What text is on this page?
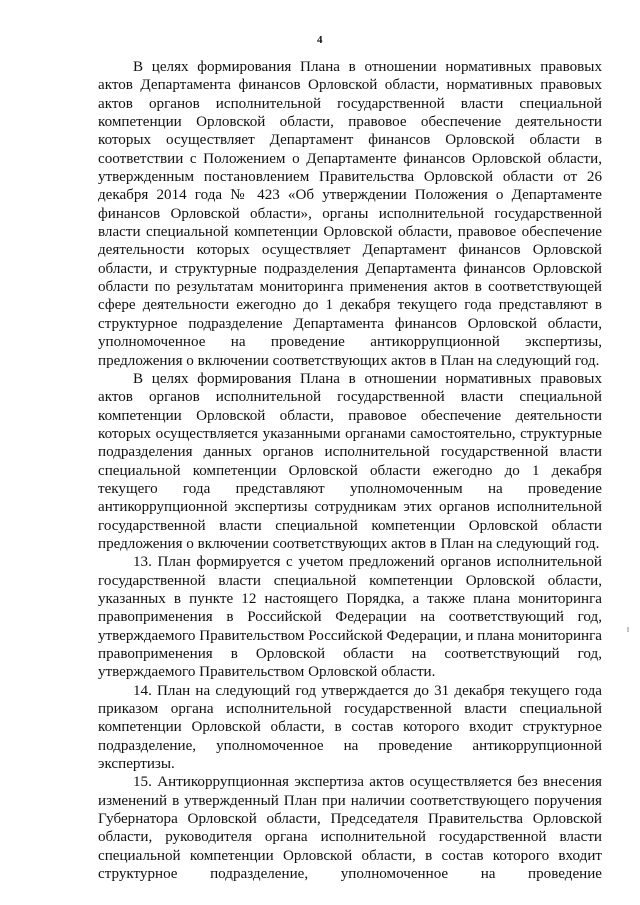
4

В целях формирования Плана в отношении нормативных правовых актов Департамента финансов Орловской области, нормативных правовых актов органов исполнительной государственной власти специальной компетенции Орловской области, правовое обеспечение деятельности которых осуществляет Департамент финансов Орловской области в соответствии с Положением о Департаменте финансов Орловской области, утвержденным постановлением Правительства Орловской области от 26 декабря 2014 года № 423 «Об утверждении Положения о Департаменте финансов Орловской области», органы исполнительной государственной власти специальной компетенции Орловской области, правовое обеспечение деятельности которых осуществляет Департамент финансов Орловской области, и структурные подразделения Департамента финансов Орловской области по результатам мониторинга применения актов в соответствующей сфере деятельности ежегодно до 1 декабря текущего года представляют в структурное подразделение Департамента финансов Орловской области, уполномоченное на проведение антикоррупционной экспертизы, предложения о включении соответствующих актов в План на следующий год.

В целях формирования Плана в отношении нормативных правовых актов органов исполнительной государственной власти специальной компетенции Орловской области, правовое обеспечение деятельности которых осуществляется указанными органами самостоятельно, структурные подразделения данных органов исполнительной государственной власти специальной компетенции Орловской области ежегодно до 1 декабря текущего года представляют уполномоченным на проведение антикоррупционной экспертизы сотрудникам этих органов исполнительной государственной власти специальной компетенции Орловской области предложения о включении соответствующих актов в План на следующий год.

13. План формируется с учетом предложений органов исполнительной государственной власти специальной компетенции Орловской области, указанных в пункте 12 настоящего Порядка, а также плана мониторинга правоприменения в Российской Федерации на соответствующий год, утверждаемого Правительством Российской Федерации, и плана мониторинга правоприменения в Орловской области на соответствующий год, утверждаемого Правительством Орловской области.

14. План на следующий год утверждается до 31 декабря текущего года приказом органа исполнительной государственной власти специальной компетенции Орловской области, в состав которого входит структурное подразделение, уполномоченное на проведение антикоррупционной экспертизы.

15. Антикоррупционная экспертиза актов осуществляется без внесения изменений в утвержденный План при наличии соответствующего поручения Губернатора Орловской области, Председателя Правительства Орловской области, руководителя органа исполнительной государственной власти специальной компетенции Орловской области, в состав которого входит структурное подразделение, уполномоченное на проведение
